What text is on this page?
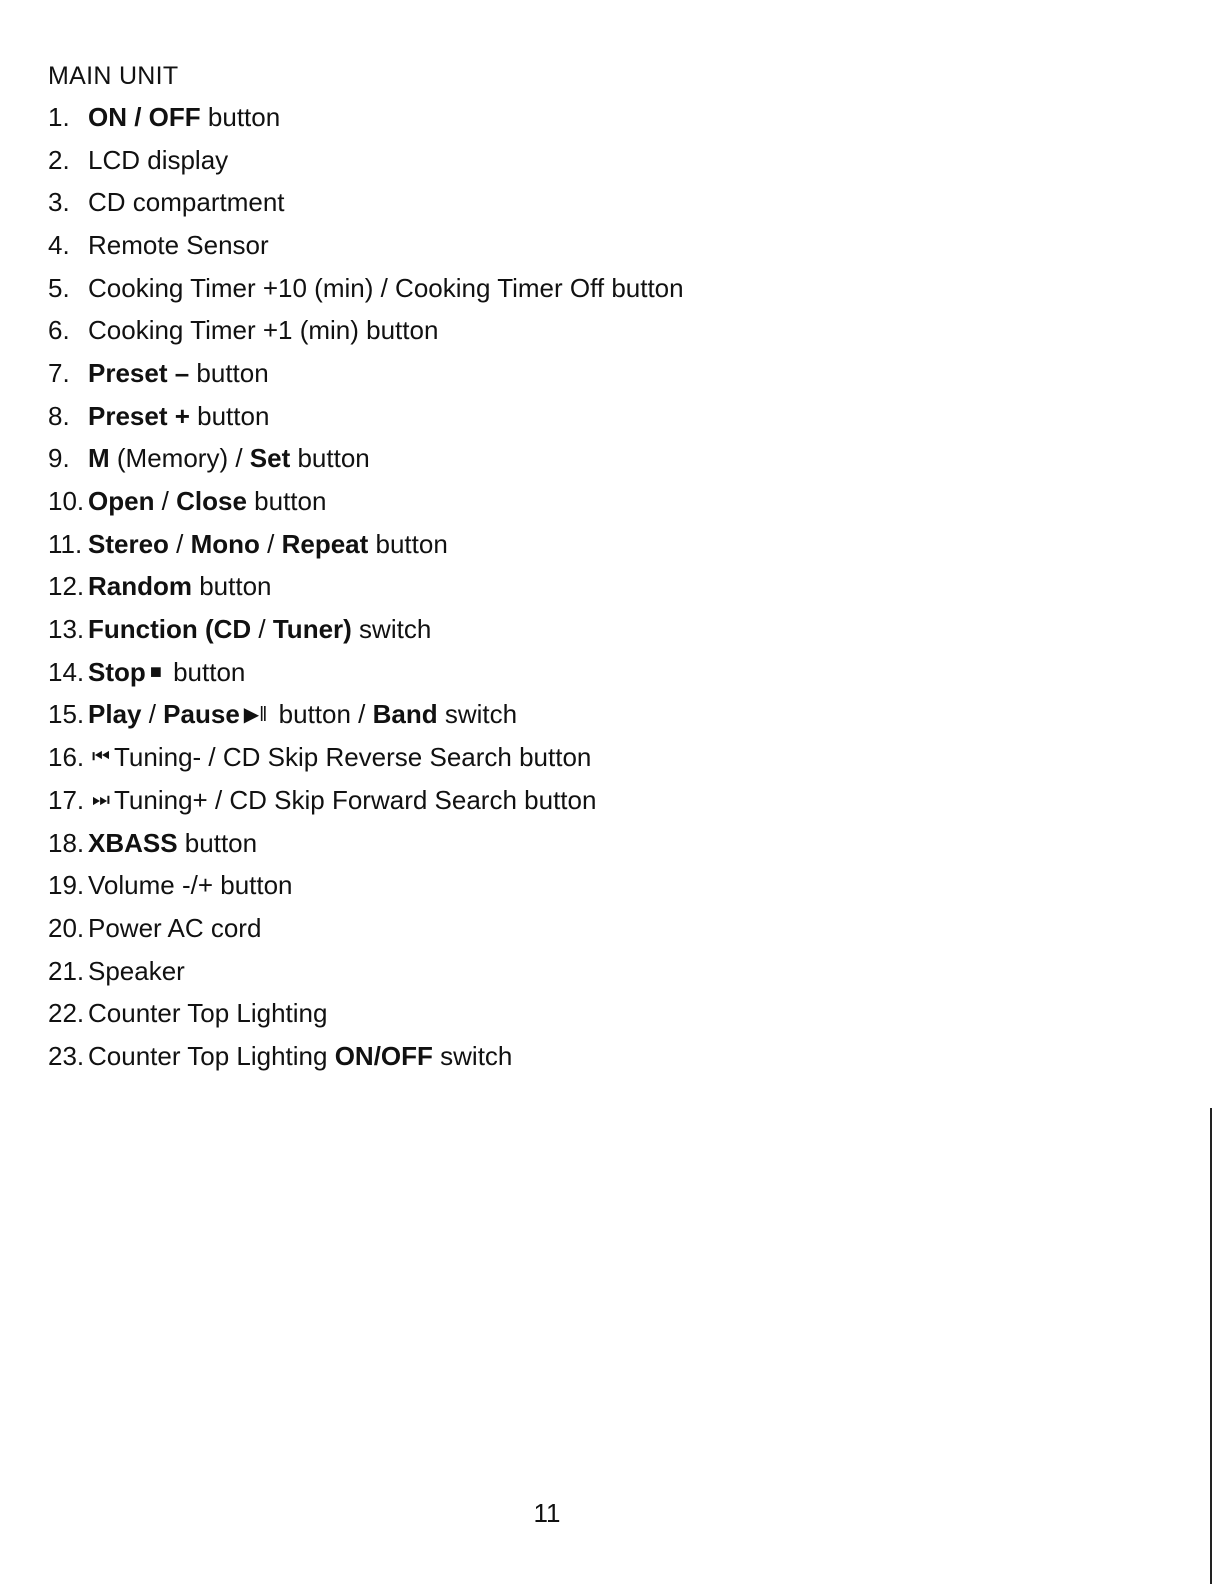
MAIN UNIT
1. ON / OFF button
2. LCD display
3. CD compartment
4. Remote Sensor
5. Cooking Timer +10 (min) / Cooking Timer Off button
6. Cooking Timer +1 (min) button
7. Preset – button
8. Preset + button
9. M (Memory) / Set button
10. Open / Close button
11. Stereo / Mono / Repeat button
12. Random button
13. Function (CD / Tuner) switch
14. Stop ■ button
15. Play / Pause ▶‖ button / Band switch
16. ⏮ Tuning- / CD Skip Reverse Search button
17. ⏭ Tuning+ / CD Skip Forward Search button
18. XBASS button
19. Volume -/+ button
20. Power AC cord
21. Speaker
22. Counter Top Lighting
23. Counter Top Lighting ON/OFF switch
11
